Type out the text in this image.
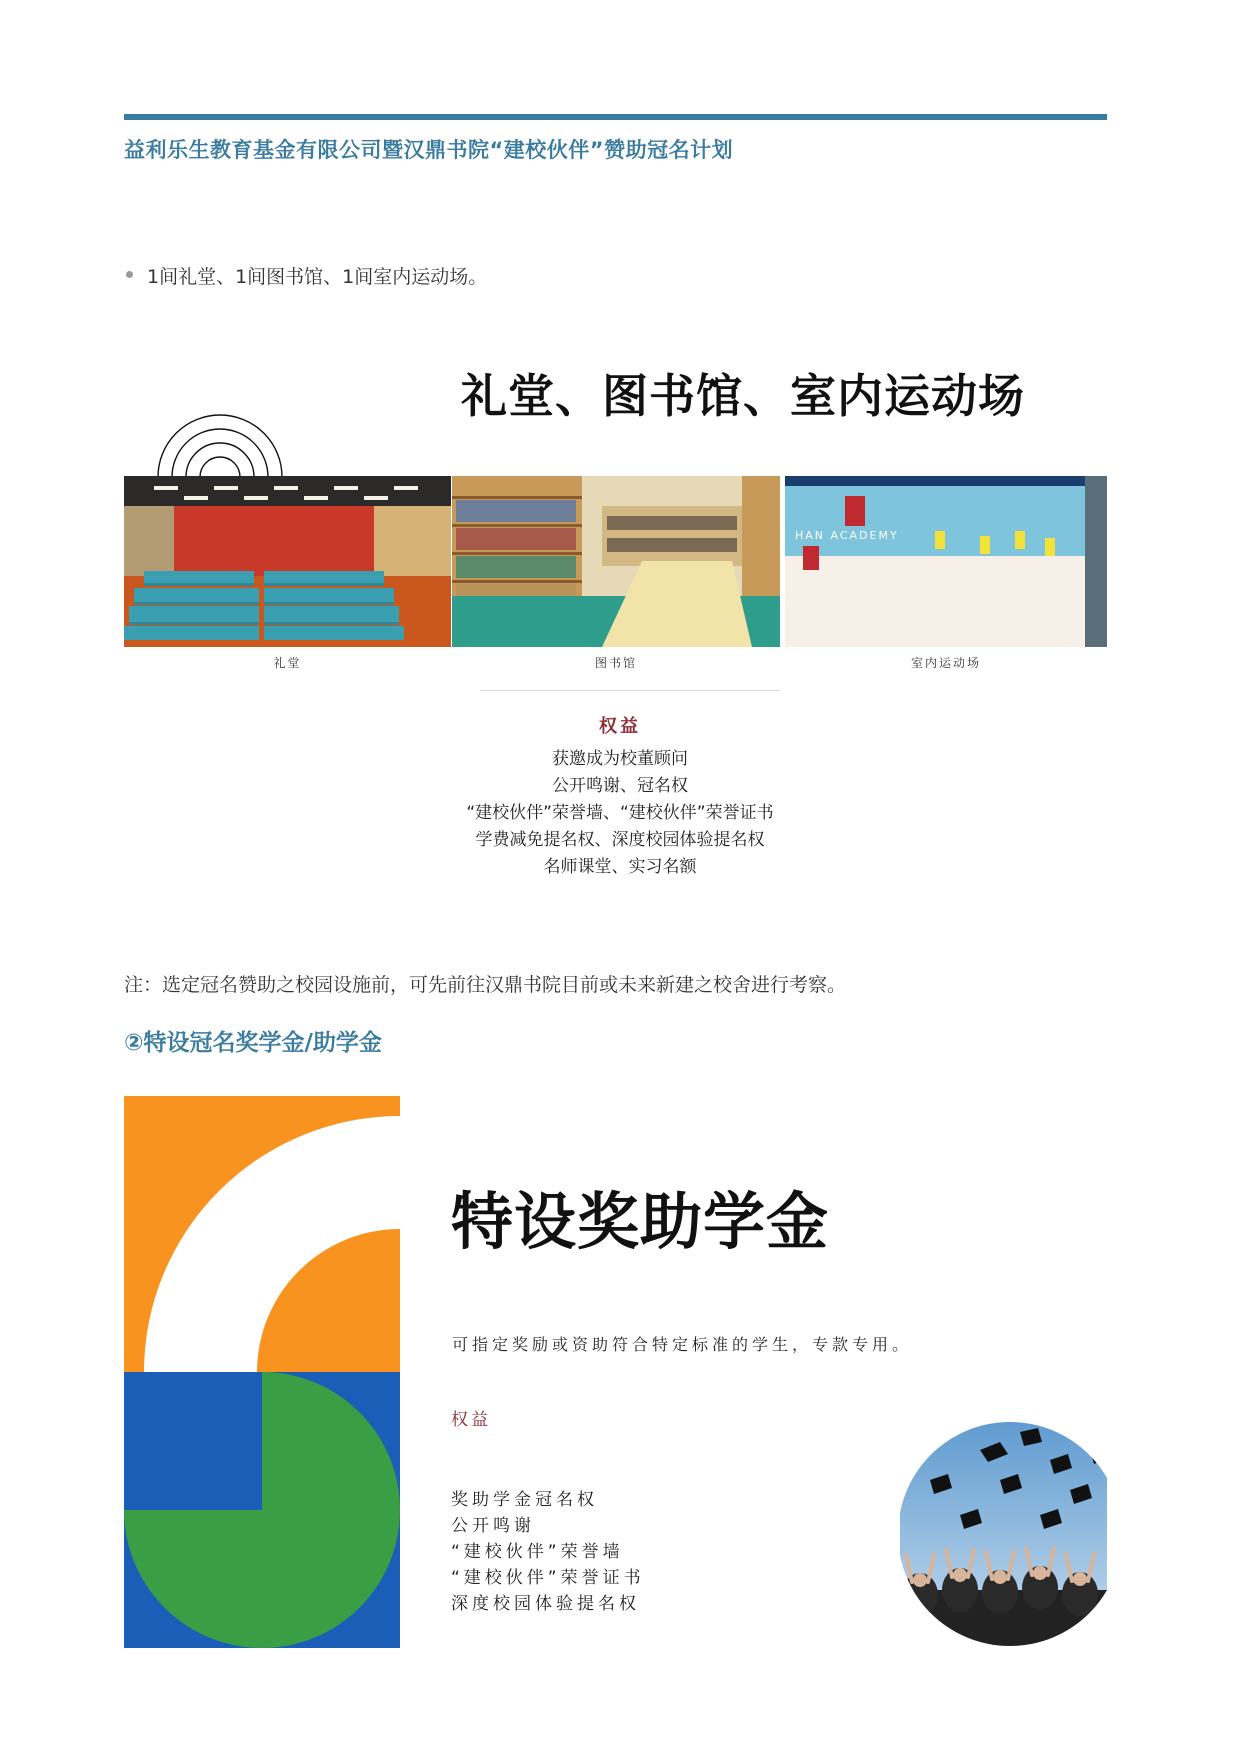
益利乐生教育基金有限公司暨汉鼎书院“建校伙伴”赞助冠名计划
1间礼堂、1间图书馆、1间室内运动场。
礼堂、图书馆、室内运动场
HAN ACADEMY
礼堂	图书馆	室内运动场
权益
获邀成为校董顾问
公开鸣谢、冠名权
“建校伙伴”荣誉墙、“建校伙伴”荣誉证书
学费减免提名权、深度校园体验提名权
名师课堂、实习名额
注：选定冠名赞助之校园设施前，可先前往汉鼎书院目前或未来新建之校舍进行考察。
②特设冠名奖学金/助学金
特设奖助学金
可指定奖励或资助符合特定标准的学生，专款专用。
权益
奖助学金冠名权
公开鸣谢
“建校伙伴”荣誉墙
“建校伙伴”荣誉证书
深度校园体验提名权
